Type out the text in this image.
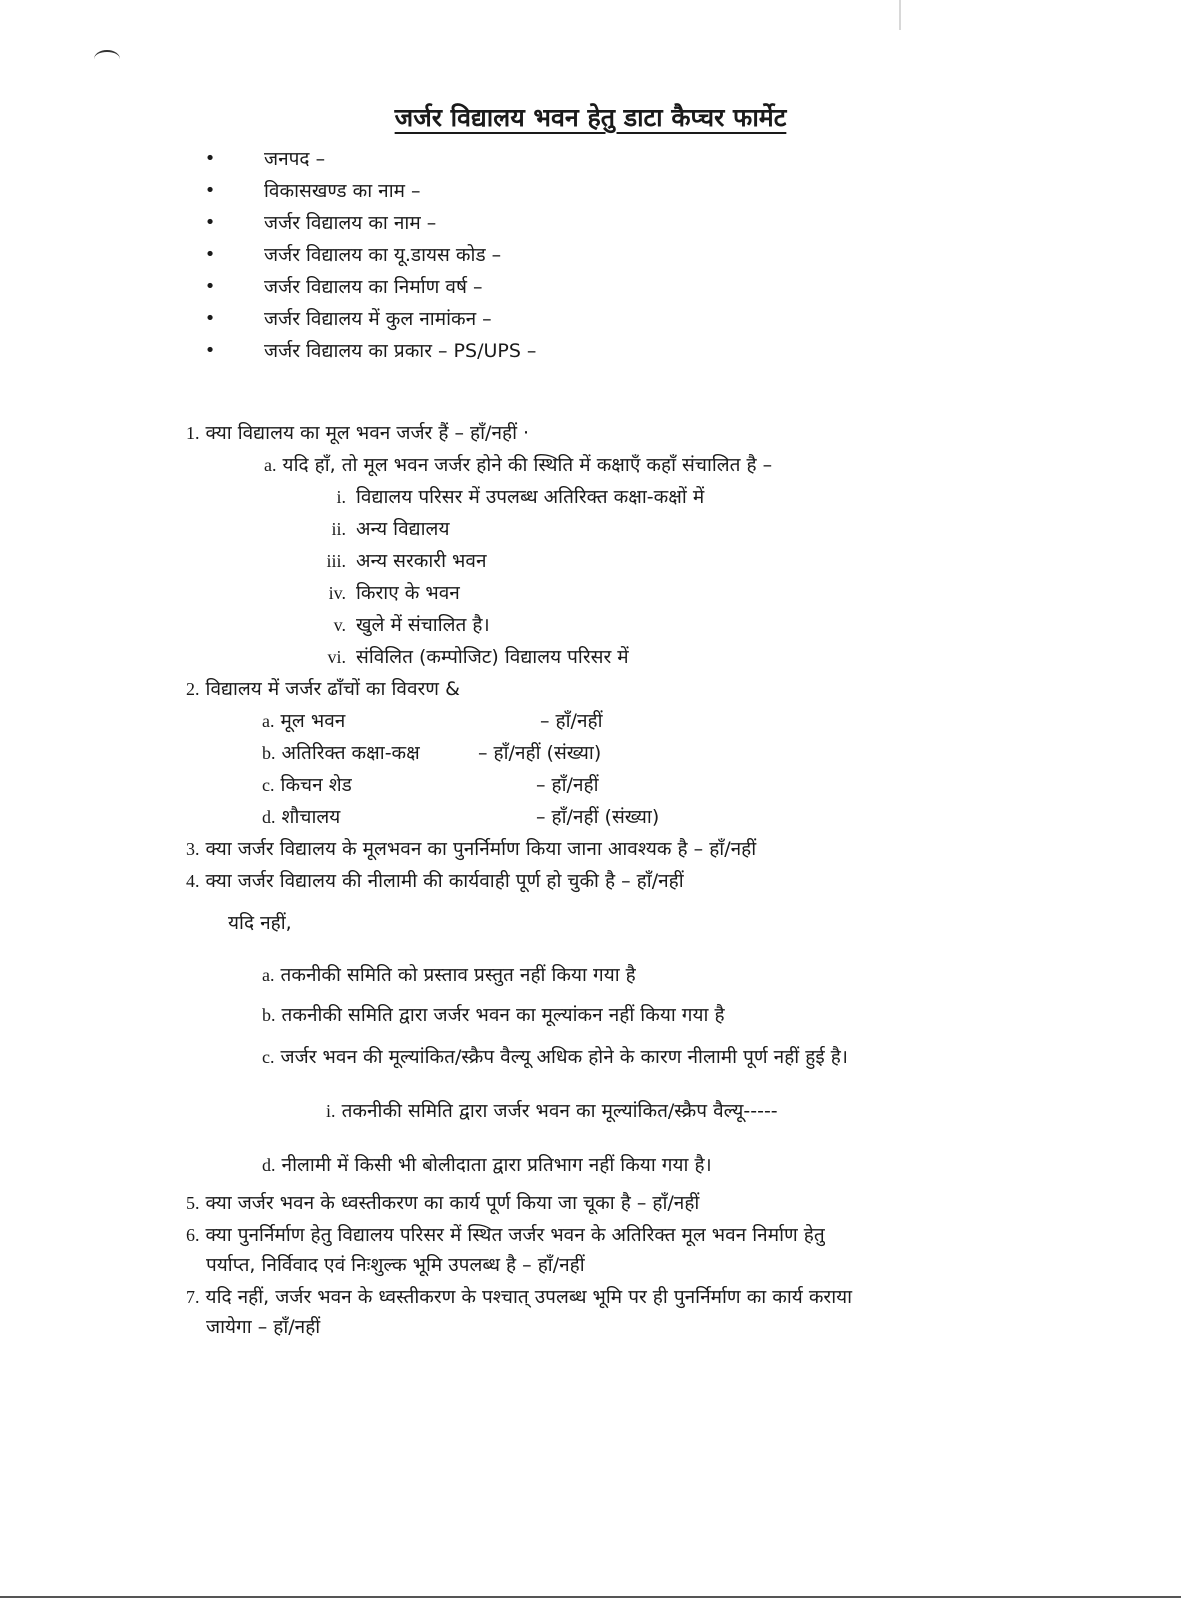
जर्जर विद्यालय भवन हेतु डाटा कैप्चर फार्मेट
•	जनपद –
•	विकासखण्ड का नाम –
•	जर्जर विद्यालय का नाम –
•	जर्जर विद्यालय का यू.डायस कोड –
•	जर्जर विद्यालय का निर्माण वर्ष –
•	जर्जर विद्यालय में कुल नामांकन –
•	जर्जर विद्यालय का प्रकार – PS/UPS –
1. क्या विद्यालय का मूल भवन जर्जर हैं – हाँ/नहीं ·
a. यदि हाँ, तो मूल भवन जर्जर होने की स्थिति में कक्षाएँ कहाँ संचालित है –
i. विद्यालय परिसर में उपलब्ध अतिरिक्त कक्षा-कक्षों में
ii. अन्य विद्यालय
iii. अन्य सरकारी भवन
iv. किराए के भवन
v. खुले में संचालित है।
vi. संविलित (कम्पोजिट) विद्यालय परिसर में
2. विद्यालय में जर्जर ढाँचों का विवरण &
a. मूल भवन	– हाँ/नहीं
b. अतिरिक्त कक्षा-कक्ष	– हाँ/नहीं (संख्या)
c. किचन शेड	– हाँ/नहीं
d. शौचालय	– हाँ/नहीं (संख्या)
3. क्या जर्जर विद्यालय के मूलभवन का पुनर्निर्माण किया जाना आवश्यक है – हाँ/नहीं
4. क्या जर्जर विद्यालय की नीलामी की कार्यवाही पूर्ण हो चुकी है – हाँ/नहीं
यदि नहीं,
a. तकनीकी समिति को प्रस्ताव प्रस्तुत नहीं किया गया है
b. तकनीकी समिति द्वारा जर्जर भवन का मूल्यांकन नहीं किया गया है
c. जर्जर भवन की मूल्यांकित/स्क्रैप वैल्यू अधिक होने के कारण नीलामी पूर्ण नहीं हुई है।
i. तकनीकी समिति द्वारा जर्जर भवन का मूल्यांकित/स्क्रैप वैल्यू-----
d. नीलामी में किसी भी बोलीदाता द्वारा प्रतिभाग नहीं किया गया है।
5. क्या जर्जर भवन के ध्वस्तीकरण का कार्य पूर्ण किया जा चूका है – हाँ/नहीं
6. क्या पुनर्निर्माण हेतु विद्यालय परिसर में स्थित जर्जर भवन के अतिरिक्त मूल भवन निर्माण हेतु
पर्याप्त, निर्विवाद एवं निःशुल्क भूमि उपलब्ध है – हाँ/नहीं
7. यदि नहीं, जर्जर भवन के ध्वस्तीकरण के पश्चात् उपलब्ध भूमि पर ही पुनर्निर्माण का कार्य कराया
जायेगा – हाँ/नहीं
